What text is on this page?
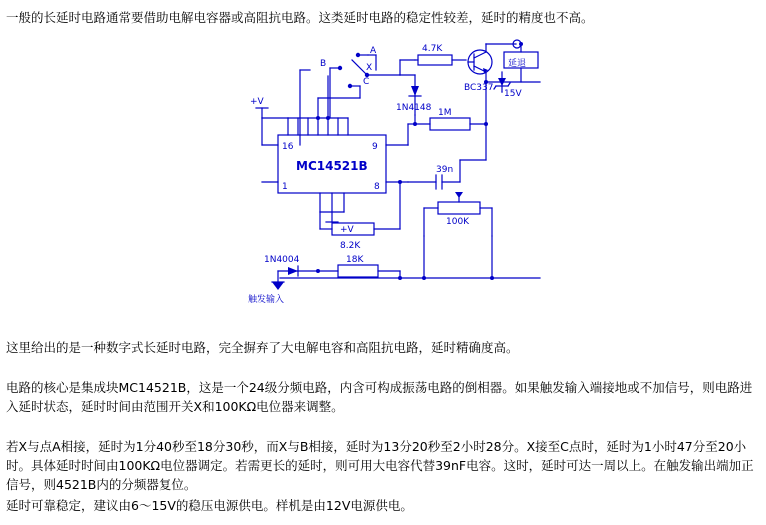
一般的长延时电路通常要借助电解电容器或高阻抗电路。这类延时电路的稳定性较差，延时的精度也不高。
A
B
C
X
+V
+V
4.7K
BC337
15V
延退
1N4148 1M
39n
100K
8.2K
18K
1N4004
触发输入
16
1
9
8
MC14521B
这里给出的是一种数字式长延时电路，完全摒弃了大电解电容和高阻抗电路，延时精确度高。
电路的核心是集成块MC14521B，这是一个24级分频电路，内含可构成振荡电路的倒相器。如果触发输入端接地或不加信号，则电路进入延时状态，延时时间由范围开关X和100KΩ电位器来调整。
若X与点A相接，延时为1分40秒至18分30秒，而X与B相接，延时为13分20秒至2小时28分。X接至C点时，延时为1小时47分至20小时。具体延时时间由100KΩ电位器调定。若需更长的延时，则可用大电容代替39nF电容。这时，延时可达一周以上。在触发输出端加正信号，则4521B内的分频器复位。
延时可靠稳定，建议由6～15V的稳压电源供电。样机是由12V电源供电。
